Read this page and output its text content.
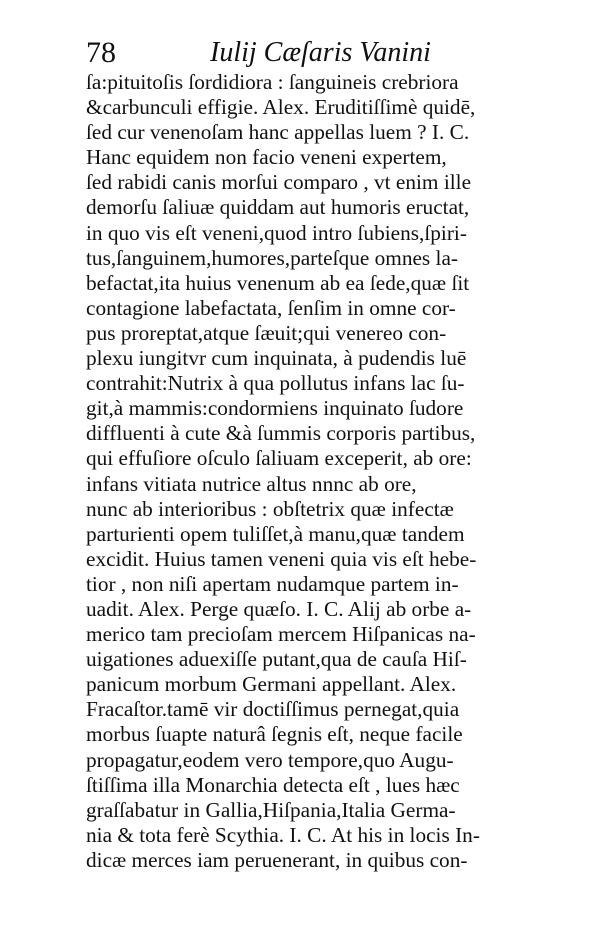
78	Iulij Cæſaris Vanini
ſa:pituitoſis ſordidiora : ſanguineis crebriora
&carbunculi effigie. Alex. Eruditiſſimè quidē,
ſed cur venenoſam hanc appellas luem ? I. C.
Hanc equidem non facio veneni expertem,
ſed rabidi canis morſui comparo , vt enim ille
demorſu ſaliuæ quiddam aut humoris eructat,
in quo vis eſt veneni,quod intro ſubiens,ſpiri-
tus,ſanguinem,humores,parteſque omnes la-
befactat,ita huius venenum ab ea ſede,quæ ſit
contagione labefactata, ſenſim in omne cor-
pus proreptat,atque ſæuit;qui venereo con-
plexu iungitvr cum inquinata, à pudendis luē
contrahit:Nutrix à qua pollutus infans lac ſu-
git,à mammis:condormiens inquinato ſudore
diffluenti à cute &à ſummis corporis partibus,
qui effuſiore oſculo ſaliuam exceperit, ab ore:
infans vitiata nutrice altus nnnc ab ore,
nunc ab interioribus : obſtetrix quæ infectæ
parturienti opem tuliſſet,à manu,quæ tandem
excidit. Huius tamen veneni quia vis eſt hebe-
tior , non niſi apertam nudamque partem in-
uadit. Alex. Perge quæſo. I. C. Alij ab orbe a-
merico tam precioſam mercem Hiſpanicas na-
uigationes aduexiſſe putant,qua de cauſa Hiſ-
panicum morbum Germani appellant. Alex.
Fracaſtor.tamē vir doctiſſimus pernegat,quia
morbus ſuapte naturâ ſegnis eſt, neque facile
propagatur,eodem vero tempore,quo Augu-
ſtiſſima illa Monarchia detecta eſt , lues hæc
graſſabatur in Gallia,Hiſpania,Italia Germa-
nia & tota ferè Scythia. I. C. At his in locis In-
dicæ merces iam peruenerant, in quibus con-
